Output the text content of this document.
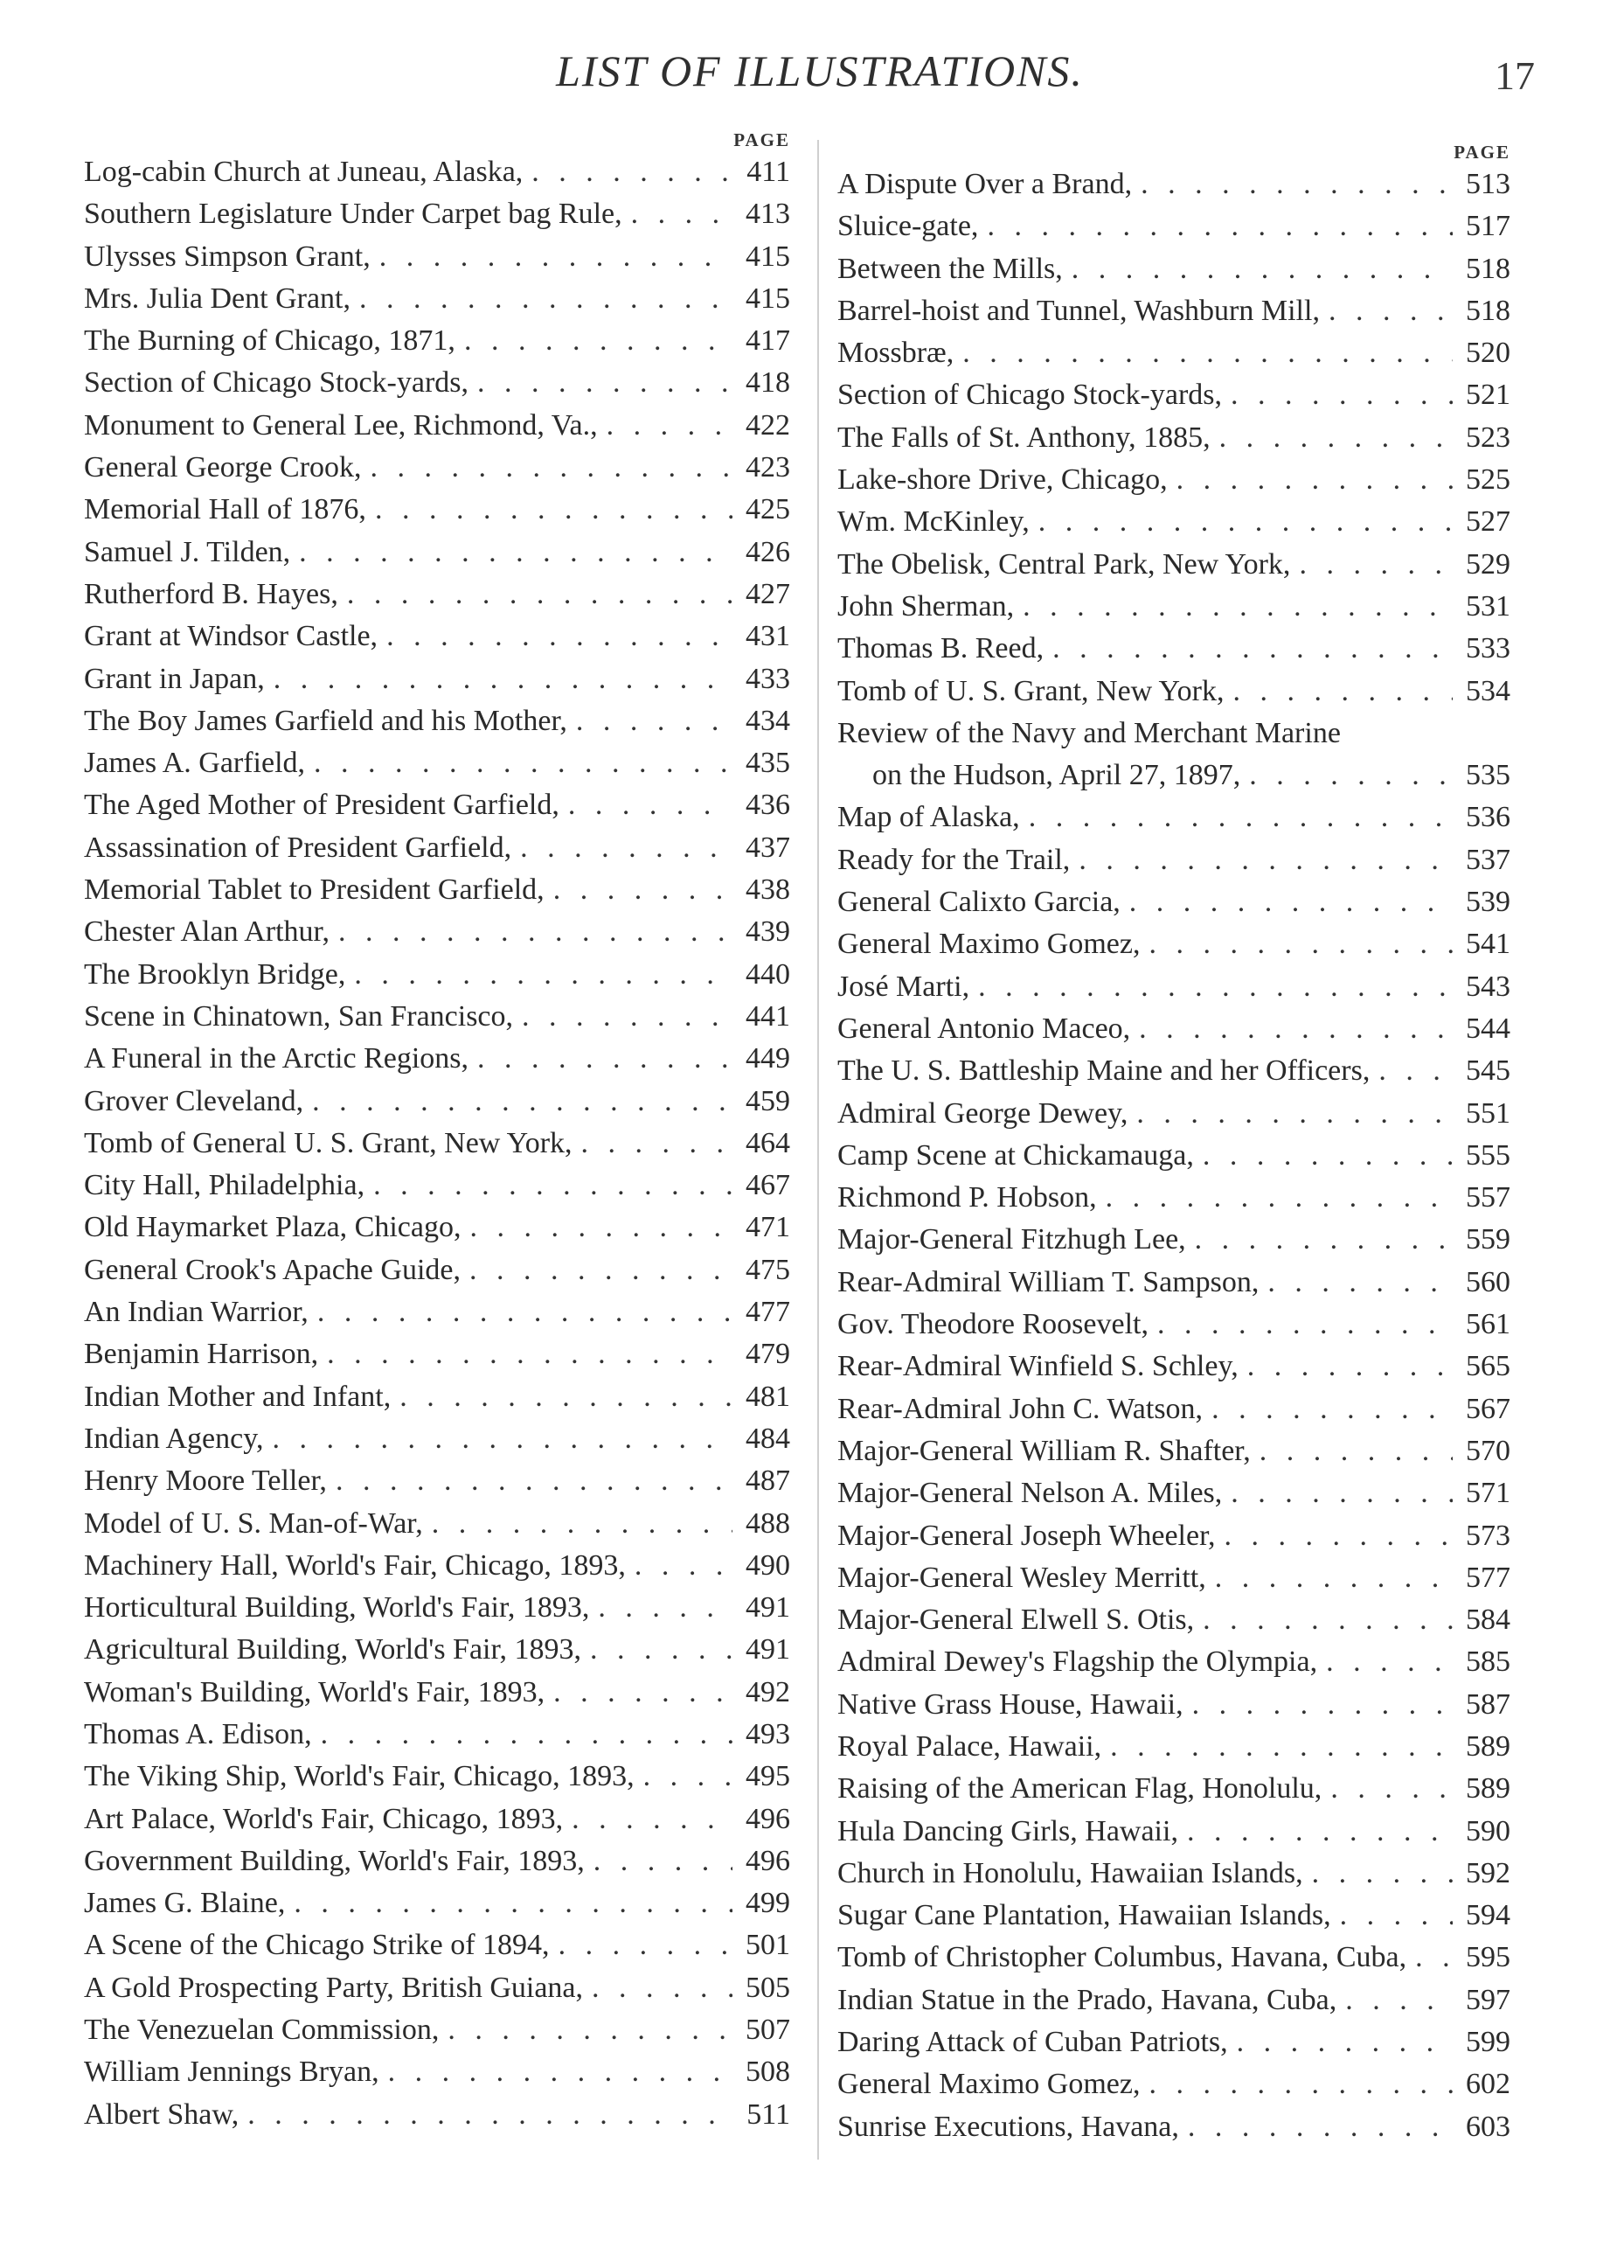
LIST OF ILLUSTRATIONS.	17
PAGE
Log-cabin Church at Juneau, Alaska, . . .	411
Southern Legislature Under Carpet bag Rule, . . .	413
Ulysses Simpson Grant, . . .	415
Mrs. Julia Dent Grant, . . .	415
The Burning of Chicago, 1871, . . .	417
Section of Chicago Stock-yards, . . .	418
Monument to General Lee, Richmond, Va., . . .	422
General George Crook, . . .	423
Memorial Hall of 1876, . . .	425
Samuel J. Tilden, . . .	426
Rutherford B. Hayes, . . .	427
Grant at Windsor Castle, . . .	431
Grant in Japan, . . .	433
The Boy James Garfield and his Mother, . . .	434
James A. Garfield, . . .	435
The Aged Mother of President Garfield, . . .	436
Assassination of President Garfield, . . .	437
Memorial Tablet to President Garfield, . . .	438
Chester Alan Arthur, . . .	439
The Brooklyn Bridge, . . .	440
Scene in Chinatown, San Francisco, . . .	441
A Funeral in the Arctic Regions, . . .	449
Grover Cleveland, . . .	459
Tomb of General U. S. Grant, New York, . . .	464
City Hall, Philadelphia, . . .	467
Old Haymarket Plaza, Chicago, . . .	471
General Crook's Apache Guide, . . .	475
An Indian Warrior, . . .	477
Benjamin Harrison, . . .	479
Indian Mother and Infant, . . .	481
Indian Agency, . . .	484
Henry Moore Teller, . . .	487
Model of U. S. Man-of-War, . . .	488
Machinery Hall, World's Fair, Chicago, 1893, . . .	490
Horticultural Building, World's Fair, 1893, . . .	491
Agricultural Building, World's Fair, 1893, . . .	491
Woman's Building, World's Fair, 1893, . . .	492
Thomas A. Edison, . . .	493
The Viking Ship, World's Fair, Chicago, 1893, . . .	495
Art Palace, World's Fair, Chicago, 1893, . . .	496
Government Building, World's Fair, 1893, . . .	496
James G. Blaine, . . .	499
A Scene of the Chicago Strike of 1894, . . .	501
A Gold Prospecting Party, British Guiana, . . .	505
The Venezuelan Commission, . . .	507
William Jennings Bryan, . . .	508
Albert Shaw, . . .	511
PAGE
A Dispute Over a Brand, . . .	513
Sluice-gate, . . .	517
Between the Mills, . . .	518
Barrel-hoist and Tunnel, Washburn Mill, . . .	518
Mossbræ, . . .	520
Section of Chicago Stock-yards, . . .	521
The Falls of St. Anthony, 1885, . . .	523
Lake-shore Drive, Chicago, . . .	525
Wm. McKinley, . . .	527
The Obelisk, Central Park, New York, . . .	529
John Sherman, . . .	531
Thomas B. Reed, . . .	533
Tomb of U. S. Grant, New York, . . .	534
Review of the Navy and Merchant Marine
on the Hudson, April 27, 1897, . . .	535
Map of Alaska, . . .	536
Ready for the Trail, . . .	537
General Calixto Garcia, . . .	539
General Maximo Gomez, . . .	541
José Marti, . . .	543
General Antonio Maceo, . . .	544
The U. S. Battleship Maine and her Officers, . . .	545
Admiral George Dewey, . . .	551
Camp Scene at Chickamauga, . . .	555
Richmond P. Hobson, . . .	557
Major-General Fitzhugh Lee, . . .	559
Rear-Admiral William T. Sampson, . . .	560
Gov. Theodore Roosevelt, . . .	561
Rear-Admiral Winfield S. Schley, . . .	565
Rear-Admiral John C. Watson, . . .	567
Major-General William R. Shafter, . . .	570
Major-General Nelson A. Miles, . . .	571
Major-General Joseph Wheeler, . . .	573
Major-General Wesley Merritt, . . .	577
Major-General Elwell S. Otis, . . .	584
Admiral Dewey's Flagship the Olympia, . . .	585
Native Grass House, Hawaii, . . .	587
Royal Palace, Hawaii, . . .	589
Raising of the American Flag, Honolulu, . . .	589
Hula Dancing Girls, Hawaii, . . .	590
Church in Honolulu, Hawaiian Islands, . . .	592
Sugar Cane Plantation, Hawaiian Islands, . . .	594
Tomb of Christopher Columbus, Havana, Cuba, . . .	595
Indian Statue in the Prado, Havana, Cuba, . . .	597
Daring Attack of Cuban Patriots, . . .	599
General Maximo Gomez, . . .	602
Sunrise Executions, Havana, . . .	603
